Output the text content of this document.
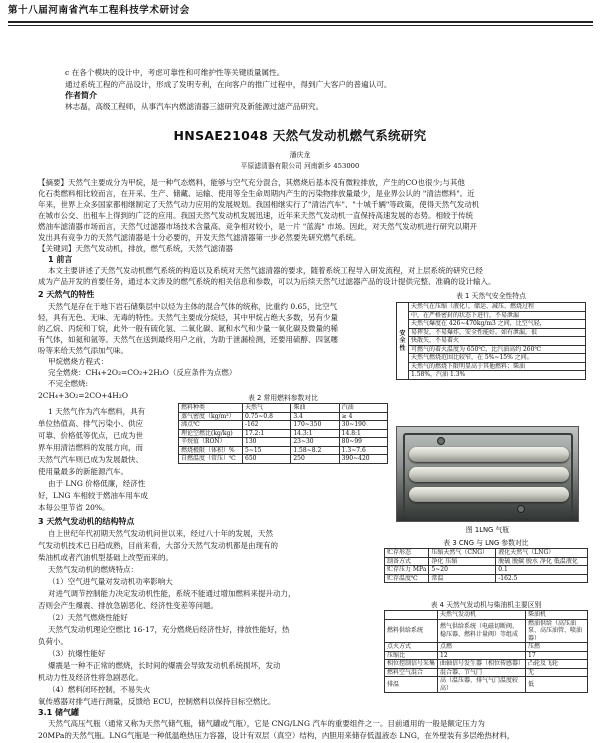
第十八届河南省汽车工程科技学术研讨会
c 在各个模块的设计中，考虑可靠性和可维护性等关键质量属性。
通过系统工程的产品设计，形成了发明专利，在向客户的推广过程中，得到广大客户的普遍认可。
作者简介
林志磊，高级工程师，从事汽车内燃滤清器三滤研究及新能源过滤产品研究。
HNSAE21048 天然气发动机燃气系统研究
潘庆龙
平原滤清器有限公司 河南新乡 453000
【摘要】天然气主要成分为甲烷，是一种气态燃料，能够与空气充分混合，其燃烧后基本没有微粒排放，产生的CO也很少;与其他
化石类燃料相比较而言，在开采、生产、储藏、运输、使用等全生命周期内产生的污染物排放量最少，是业界公认的 "清洁燃料"。近
年来，世界上众多国家都相继制定了天然气动力应用的发展规划。我国相继实行了"清洁汽车"、"十城千辆"等政策，使得天然气发动机
在城市公交、出租车上得到的广泛的应用。我国天然气发动机发展迅速，近年来天然气发动机一直保持高速发展的态势。相较于传统
燃油车滤清器市场而言，天然气过滤器市场技术含量高、竞争相对较小，是一片 "蓝海" 市场。因此，对天然气发动机进行研究以期开
发出具有竞争力的天然气滤清器是十分必要的，开发天然气滤清器第一步必然要先研究燃气系统。
【关键词】天然气发动机，排放，燃气系统，天然气滤清器
1 前言
本文主要讲述了天然气发动机燃气系统的构造以及系统对天然气滤清器的要求，随着系统工程导入研发流程，对上层系统的研究已经
成为产品开发的首要任务，通过本文涉及的燃气系统的相关信息和参数，可以为后续天然气过滤器产品的设计提供完整、准确的设计输入。
2 天然气的特性
天然气是存在于地下岩石储集层中以烃为主体的混合气体的统称，比重约 0.65，比空气
轻，具有无色、无味、无毒的特性。天然气主要成分烷烃，其中甲烷占绝大多数，另有少量
的乙烷、丙烷和丁烷，此外一般有硫化氢、二氧化碳、氮和水气和少量一氧化碳及微量的稀
有气体，如氦和氩等。天然气在送到最终用户之前，为助于泄漏检测，还要用硫醇、四氢噻
吩等来给天然气添加气味。
甲烷燃烧方程式：
完全燃烧：CH₄+2O₂=CO₂+2H₂O（反应条件为点燃）
不完全燃烧:
2CH₄+3O₂=2CO+4H₂O
1 天然气作为汽车燃料，具有
单位热值高、排气污染小、供应
可靠、价格低等优点，已成为世
界车用清洁燃料的发展方向，而
天然气汽车则已成为发展最快、
使用量最多的新能源汽车。
由于 LNG 价格低廉，经济性
好，LNG 车相较于燃油车用车成
本每公里节省 20%。
3 天然气发动机的结构特点
自上世纪年代初期天然气发动机问世以来，经过八十年的发展，天然
气发动机技术已日趋成熟，目前来看，大部分天然气发动机都是由现有的
柴油机或者汽油机型基础上改型而来的。
天然气发动机的燃烧特点：
（1）空气进气量对发动机功率影响大
对进气调节控制能力决定发动机性能，系统不能通过增加燃料来提升动力，
否则会产生爆震、排放急剧恶化、经济性变差等问题。
（2）天然气燃烧性能好
天然气发动机理论空燃比 16-17，充分燃烧后经济性好，排放性能好，热
负荷小。
（3）抗爆性能好
爆震是一种不正常的燃烧，长时间的爆震会导致发动机系统损坏，发动
机动力性及经济性将急剧恶化。
（4）燃料闭环控制，不易失火
氧传感器对排气进行测量，反馈给 ECU，控制燃料以保持目标空燃比。
3.1 储气罐
天然气高压气瓶（通常又称为天然气储气瓶，储气罐或气瓶），它是 CNG/LNG 汽车的重要组件之一。目前通用的一般是额定压力为
20MPa的天然气瓶。LNG气瓶是一种低温绝热压力容器，设计有双层（真空）结构，内胆用来储存低温液态 LNG，在外壁装有多层绝热材料，
表 1 天然气安全性特点
安全性	天然气在压缩（液化），储运、减压、燃烧过程
中，在严格密封的状态下进行，不易泄漏
天然气爆度在 426~470kg/m3 之间，比空气轻，
易挥发，不易爆炸，安全性能好。如有泄漏，很
快散失，不易着火
可燃气的着火温度为 650℃，比汽油高约 260℃
天然气燃烧范围比较窄，在 5%~15% 之间。
天然气的燃烧下限明显高于其他燃料；柴油
1.58%，汽油 1.3%
表 2 常用燃料参数对比
燃料种类	天然气	柴油	汽油
蒸气密度（kg/m³）	0.75~0.8	3.4	≥ 4
沸点℃	-162	170~350	30~190
理论空燃比(kg/kg)	17.2:1	14.3:1	14.8:1
辛烷值（RON）	130	23~30	80~99
燃烧极限（体积）%	5~15	1.58~8.2	1.3~7.6
自燃温度（常压）℃	650	250	390~420
图 1LNG 气瓶
表 3 CNG 与 LNG 参数对比
贮存形态	压缩天然气（CNG）	液化天然气（LNG）
制备方式	净化 压缩	脱硫 脱碳 脱水 净化 低温液化
贮存压力 MPa	5~20	0.1
贮存温度℃	常温	-162.5
表 4 天然气发动机与柴油机主要区别
	天然气发动机	柴油机
燃料供给系统	燃气供给系统（电磁切断阀、稳压器、燃料计量阀）等组成	燃油供给（高压油泵、高压油管、喷油器）
点火方式	点燃	压燃
压缩比	12	17
相位控制信号采集	曲轴信号发生器（相位传感器）	凸轮及飞轮
燃料空气混合	混合器、节气门	无
排温	高（温压器、排气气门温度较高）	低
